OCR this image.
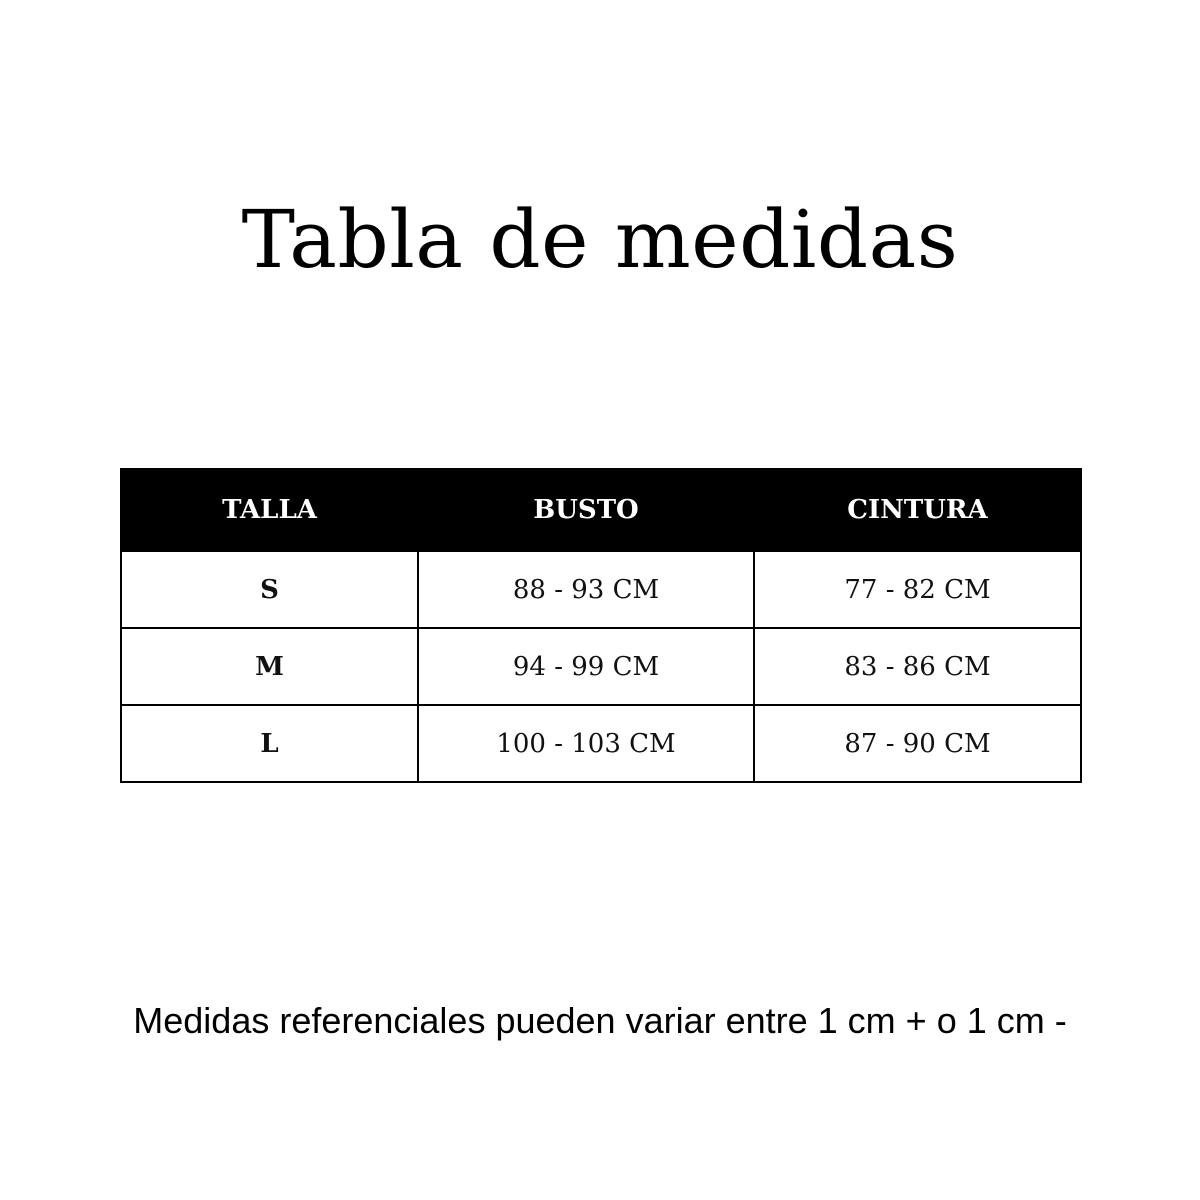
Tabla de medidas
TALLA	BUSTO	CINTURA
S	88 - 93 CM	77 - 82 CM
M	94 - 99 CM	83 - 86 CM
L	100 - 103 CM	87 - 90 CM

Medidas referenciales pueden variar entre 1 cm + o 1 cm -
